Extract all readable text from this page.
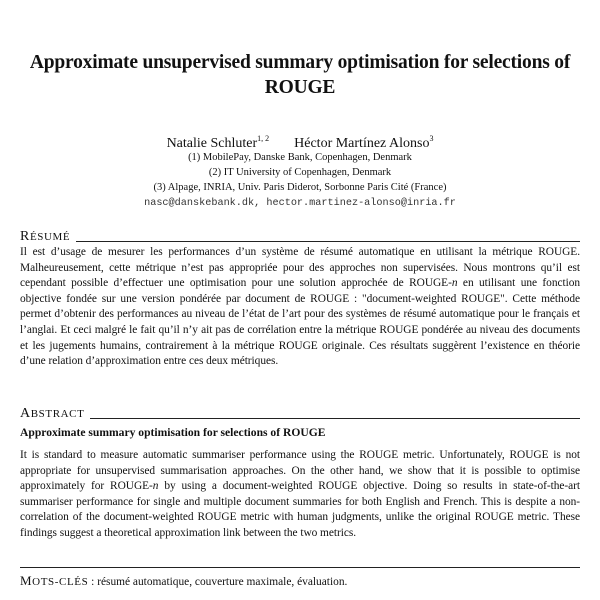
Approximate unsupervised summary optimisation for selections of ROUGE
Natalie Schluter$^{1, 2}$ Héctor Martínez Alonso$^3$
(1) MobilePay, Danske Bank, Copenhagen, Denmark
(2) IT University of Copenhagen, Denmark
(3) Alpage, INRIA, Univ. Paris Diderot, Sorbonne Paris Cité (France)
nasc@danskebank.dk, hector.martinez-alonso@inria.fr
RÉSUMÉ
Il est d’usage de mesurer les performances d’un système de résumé automatique en utilisant la métrique ROUGE. Malheureusement, cette métrique n’est pas appropriée pour des approches non supervisées. Nous montrons qu’il est cependant possible d’effectuer une optimisation pour une solution approchée de ROUGE-n en utilisant une fonction objective fondée sur une version pondérée par document de ROUGE : "document-weighted ROUGE". Cette méthode permet d’obtenir des performances au niveau de l’état de l’art pour des systèmes de résumé automatique pour le français et l’anglai. Et ceci malgré le fait qu’il n’y ait pas de corrélation entre la métrique ROUGE pondérée au niveau des documents et les jugements humains, contrairement à la métrique ROUGE originale. Ces résultats suggèrent l’existence en théorie d’une relation d’approximation entre ces deux métriques.
ABSTRACT
Approximate summary optimisation for selections of ROUGE
It is standard to measure automatic summariser performance using the ROUGE metric. Unfortunately, ROUGE is not appropriate for unsupervised summarisation approaches. On the other hand, we show that it is possible to optimise approximately for ROUGE-n by using a document-weighted ROUGE objective. Doing so results in state-of-the-art summariser performance for single and multiple document summaries for both English and French. This is despite a non-correlation of the document-weighted ROUGE metric with human judgments, unlike the original ROUGE metric. These findings suggest a theoretical approximation link between the two metrics.
MOTS-CLÉS : résumé automatique, couverture maximale, évaluation.
